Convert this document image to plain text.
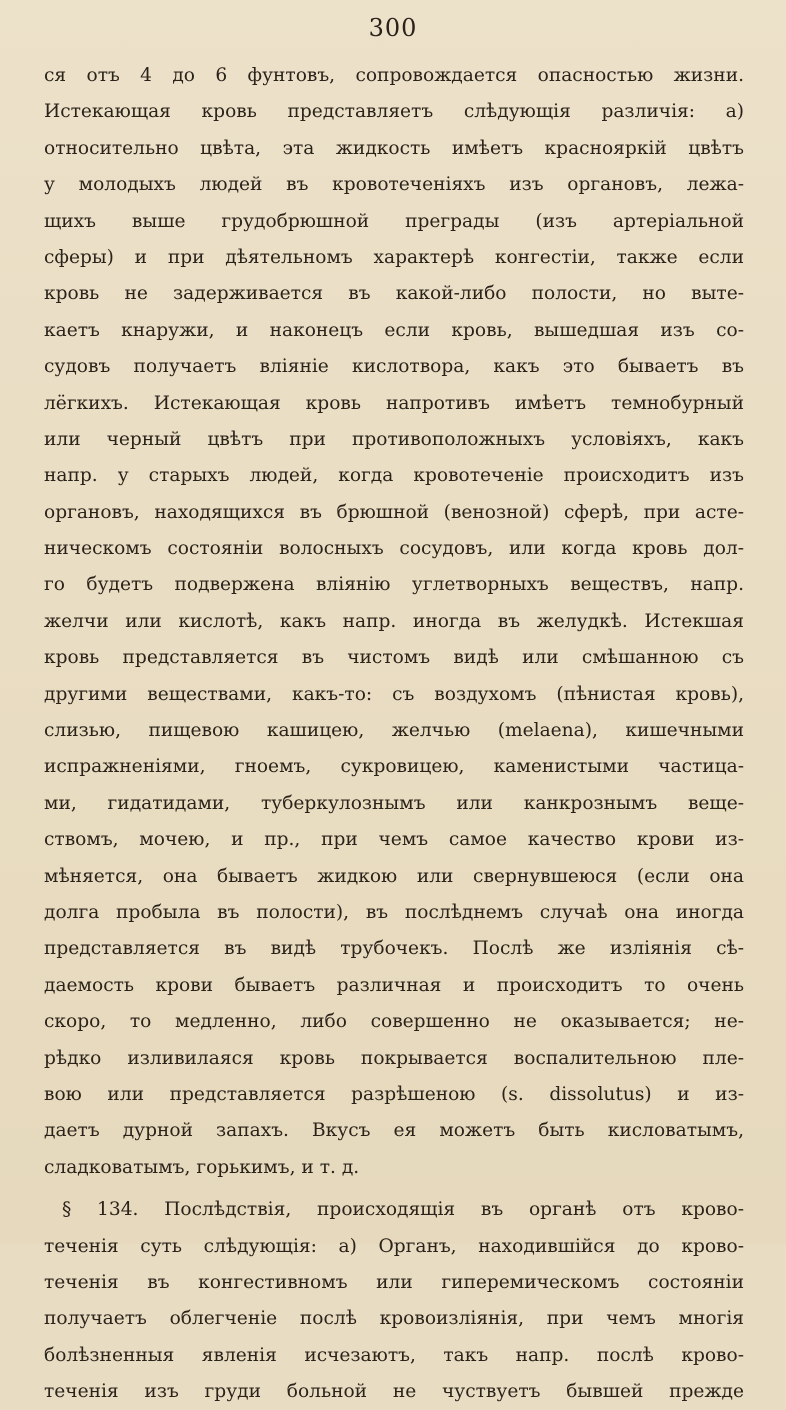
300
ся отъ 4 до 6 фунтовъ, сопровождается опасностью жизни.
Истекающая кровь представляетъ слѣдующія различія: а)
относительно цвѣта, эта жидкость имѣетъ краснояркій цвѣтъ
у молодыхъ людей въ кровотеченіяхъ изъ органовъ, лежа-
щихъ выше грудобрюшной преграды (изъ артеріальной
сферы) и при дѣятельномъ характерѣ конгестіи, также если
кровь не задерживается въ какой-либо полости, но выте-
каетъ кнаружи, и наконецъ если кровь, вышедшая изъ со-
судовъ получаетъ вліяніе кислотвора, какъ это бываетъ въ
лёгкихъ. Истекающая кровь напротивъ имѣетъ темнобурный
или черный цвѣтъ при противоположныхъ условіяхъ, какъ
напр. у старыхъ людей, когда кровотеченіе происходитъ изъ
органовъ, находящихся въ брюшной (венозной) сферѣ, при асте-
ническомъ состояніи волосныхъ сосудовъ, или когда кровь дол-
го будетъ подвержена вліянію углетворныхъ веществъ, напр.
желчи или кислотѣ, какъ напр. иногда въ желудкѣ. Истекшая
кровь представляется въ чистомъ видѣ или смѣшанною съ
другими веществами, какъ-то: съ воздухомъ (пѣнистая кровь),
слизью, пищевою кашицею, желчью (melaena), кишечными
испражненіями, гноемъ, сукровицею, каменистыми частица-
ми, гидатидами, туберкулознымъ или канкрознымъ веще-
ствомъ, мочею, и пр., при чемъ самое качество крови из-
мѣняется, она бываетъ жидкою или свернувшеюся (если она
долга пробыла въ полости), въ послѣднемъ случаѣ она иногда
представляется въ видѣ трубочекъ. Послѣ же изліянія сѣ-
даемость крови бываетъ различная и происходитъ то очень
скоро, то медленно, либо совершенно не оказывается; не-
рѣдко изливилаяся кровь покрывается воспалительною пле-
вою или представляется разрѣшеною (s. dissolutus) и из-
даетъ дурной запахъ. Вкусъ ея можетъ быть кисловатымъ,
сладковатымъ, горькимъ, и т. д.
§ 134. Послѣдствія, происходящія въ органѣ отъ крово-
теченія суть слѣдующія: а) Органъ, находившійся до крово-
теченія въ конгестивномъ или гиперемическомъ состояніи
получаетъ облегченіе послѣ кровоизліянія, при чемъ многія
болѣзненныя явленія исчезаютъ, такъ напр. послѣ крово-
теченія изъ груди больной не чуствуетъ бывшей прежде
